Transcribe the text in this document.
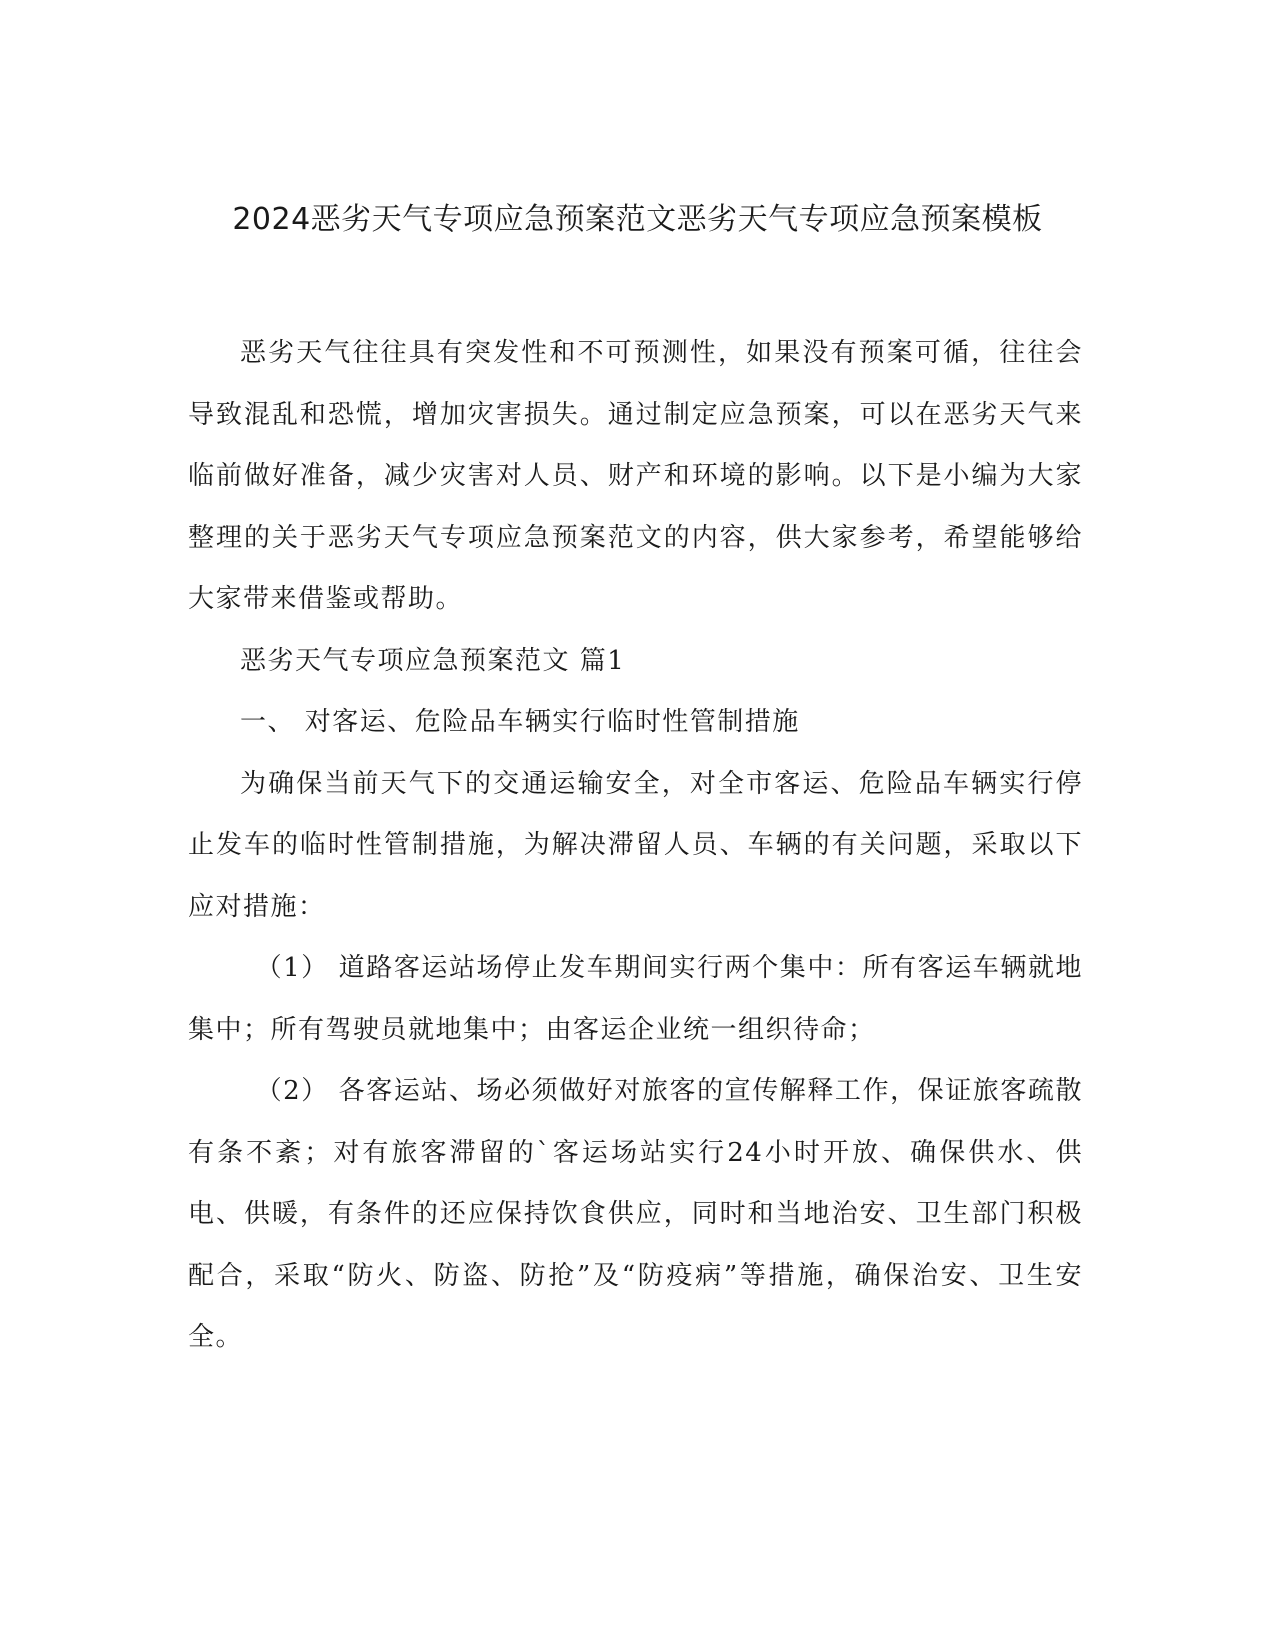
2024恶劣天气专项应急预案范文恶劣天气专项应急预案模板

恶劣天气往往具有突发性和不可预测性，如果没有预案可循，往往会导致混乱和恐慌，增加灾害损失。通过制定应急预案，可以在恶劣天气来临前做好准备，减少灾害对人员、财产和环境的影响。以下是小编为大家整理的关于恶劣天气专项应急预案范文的内容，供大家参考，希望能够给大家带来借鉴或帮助。

恶劣天气专项应急预案范文 篇1

一、 对客运、危险品车辆实行临时性管制措施

为确保当前天气下的交通运输安全，对全市客运、危险品车辆实行停止发车的临时性管制措施，为解决滞留人员、车辆的有关问题，采取以下应对措施：

（1） 道路客运站场停止发车期间实行两个集中：所有客运车辆就地集中；所有驾驶员就地集中；由客运企业统一组织待命；

（2） 各客运站、场必须做好对旅客的宣传解释工作，保证旅客疏散有条不紊；对有旅客滞留的`客运场站实行24小时开放、确保供水、供电、供暖，有条件的还应保持饮食供应，同时和当地治安、卫生部门积极配合，采取“防火、防盗、防抢”及“防疫病”等措施，确保治安、卫生安全。
